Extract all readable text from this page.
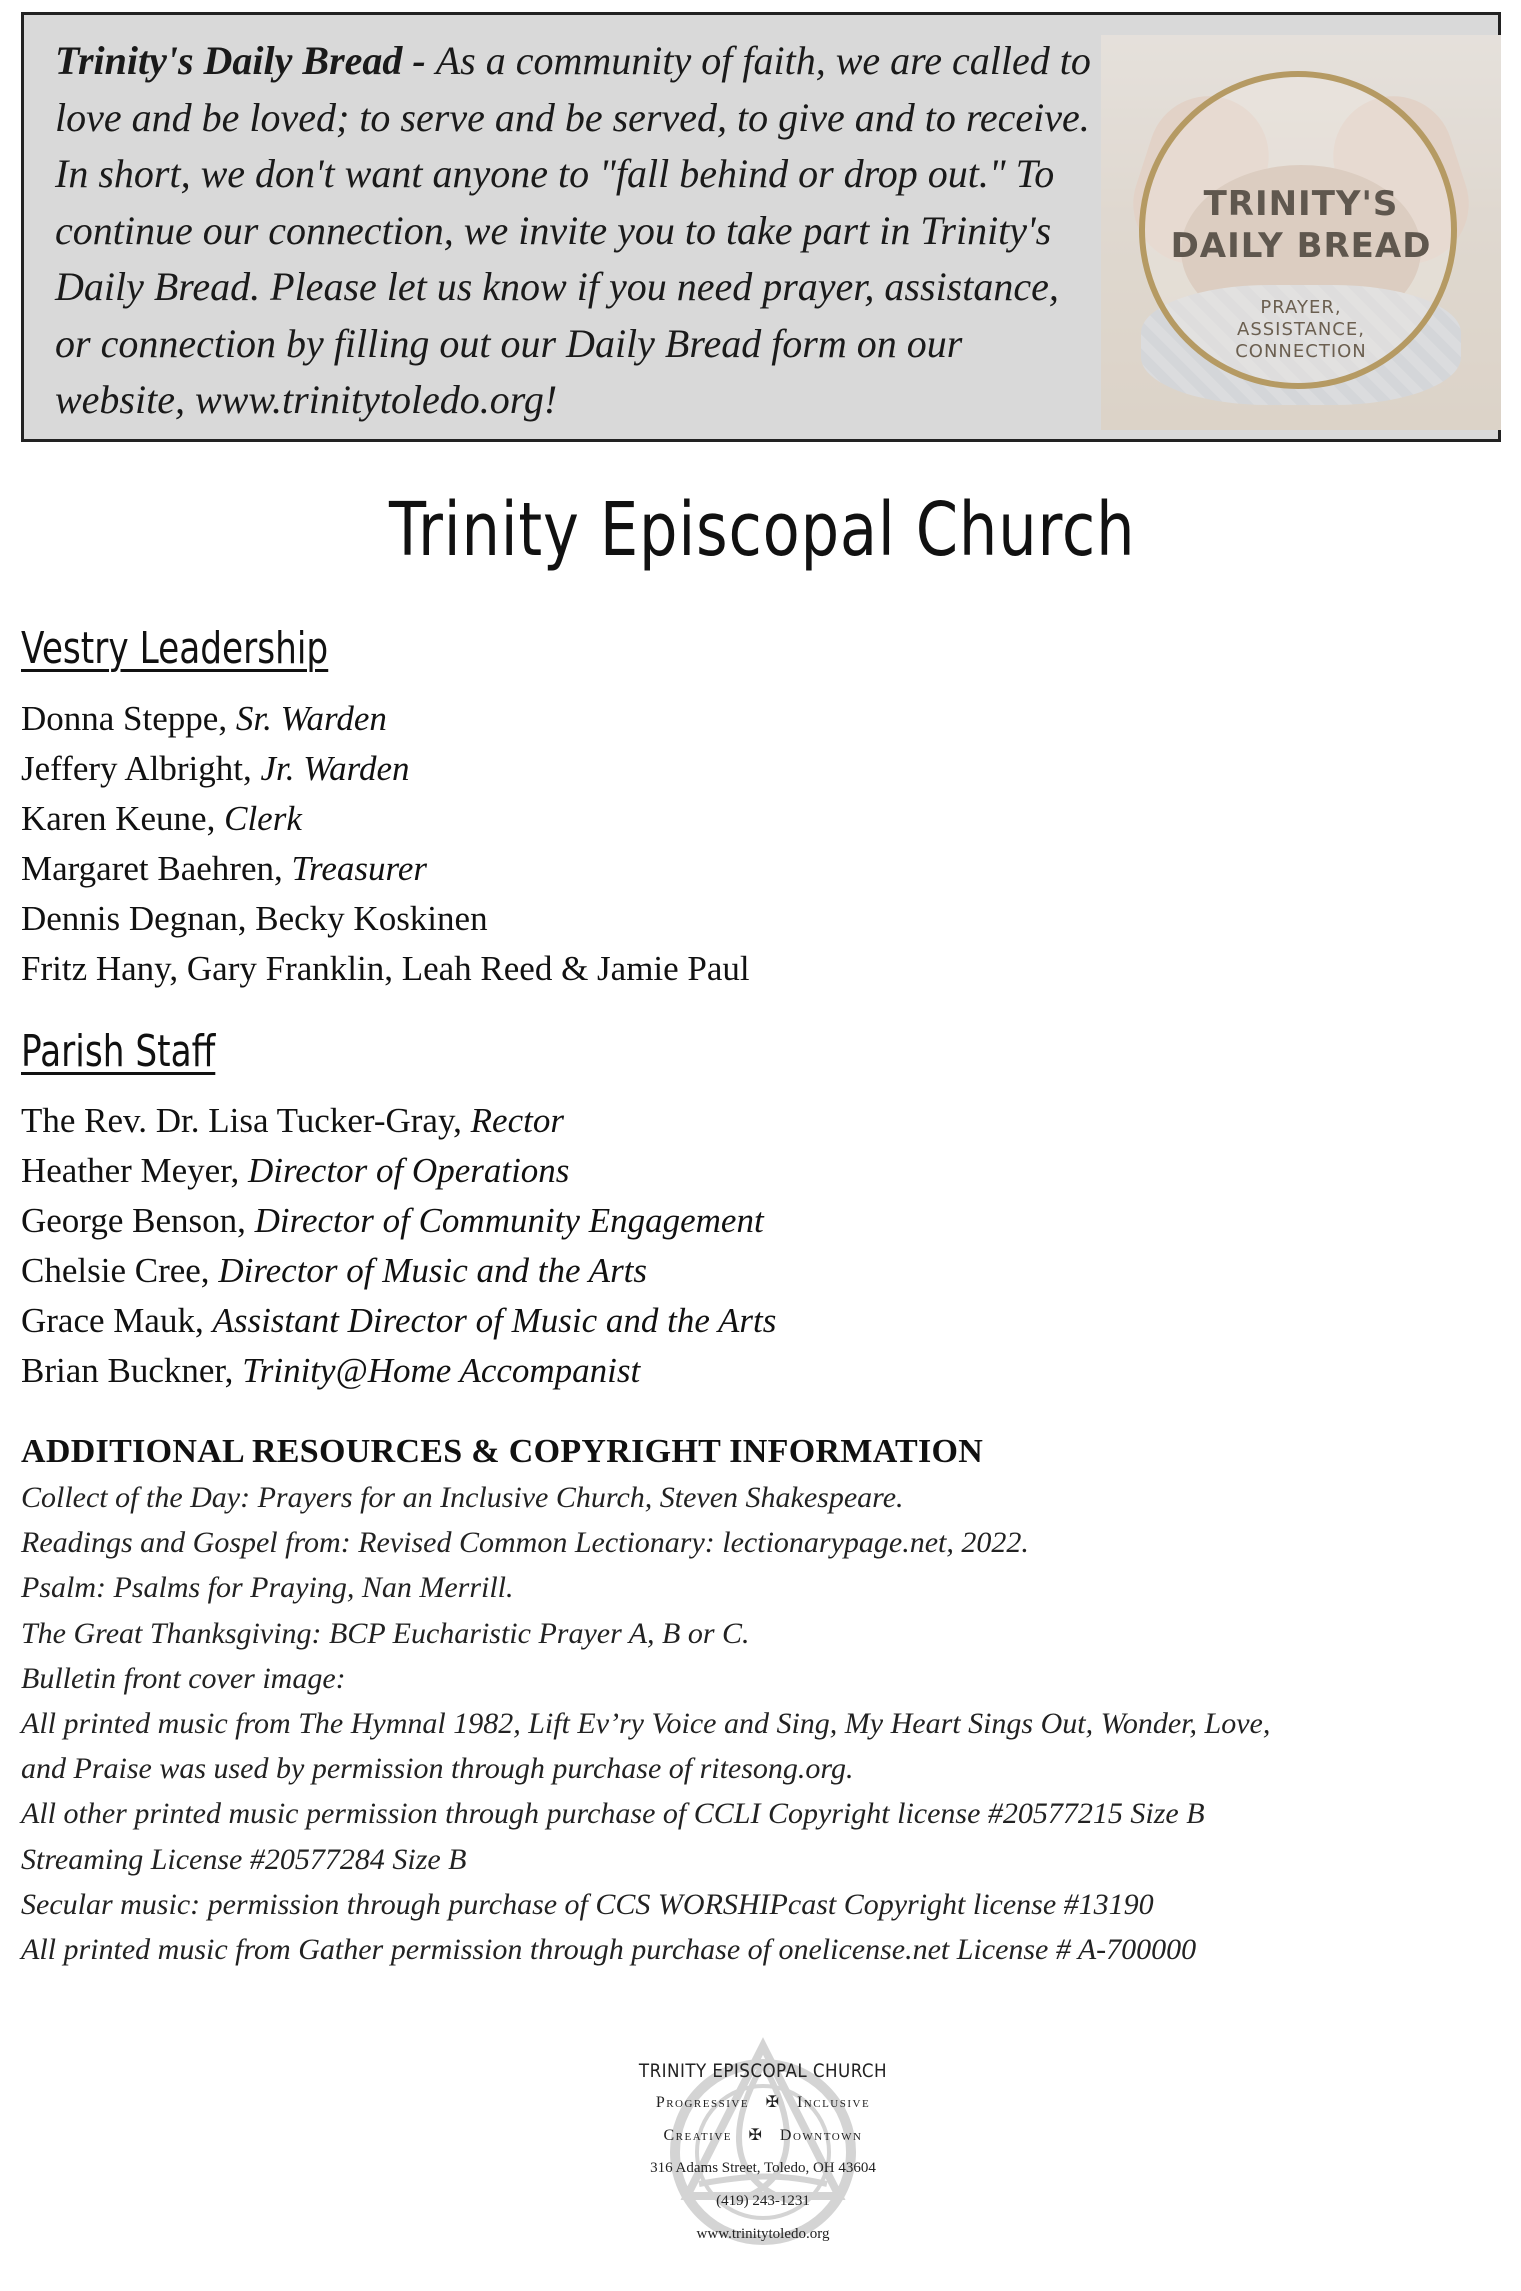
Trinity's Daily Bread - As a community of faith, we are called to love and be loved; to serve and be served, to give and to receive. In short, we don't want anyone to "fall behind or drop out." To continue our connection, we invite you to take part in Trinity's Daily Bread. Please let us know if you need prayer, assistance, or connection by filling out our Daily Bread form on our website, www.trinitytoledo.org!
TRINITY'S
DAILY BREAD
PRAYER,
ASSISTANCE,
CONNECTION
Trinity Episcopal Church
Vestry Leadership
Donna Steppe, Sr. Warden
Jeffery Albright, Jr. Warden
Karen Keune, Clerk
Margaret Baehren, Treasurer
Dennis Degnan, Becky Koskinen
Fritz Hany, Gary Franklin, Leah Reed & Jamie Paul
Parish Staff
The Rev. Dr. Lisa Tucker-Gray, Rector
Heather Meyer, Director of Operations
George Benson, Director of Community Engagement
Chelsie Cree, Director of Music and the Arts
Grace Mauk, Assistant Director of Music and the Arts
Brian Buckner, Trinity@Home Accompanist
ADDITIONAL RESOURCES & COPYRIGHT INFORMATION
Collect of the Day: Prayers for an Inclusive Church, Steven Shakespeare.
Readings and Gospel from: Revised Common Lectionary: lectionarypage.net, 2022.
Psalm: Psalms for Praying, Nan Merrill.
The Great Thanksgiving: BCP Eucharistic Prayer A, B or C.
Bulletin front cover image:
All printed music from The Hymnal 1982, Lift Ev’ry Voice and Sing, My Heart Sings Out, Wonder, Love,
and Praise was used by permission through purchase of ritesong.org.
All other printed music permission through purchase of CCLI Copyright license #20577215 Size B
Streaming License #20577284 Size B
Secular music: permission through purchase of CCS WORSHIPcast Copyright license #13190
All printed music from Gather permission through purchase of onelicense.net License # A-700000
TRINITY EPISCOPAL CHURCH
Progressive ✠ Inclusive
Creative ✠ Downtown
316 Adams Street, Toledo, OH 43604
(419) 243-1231
www.trinitytoledo.org
